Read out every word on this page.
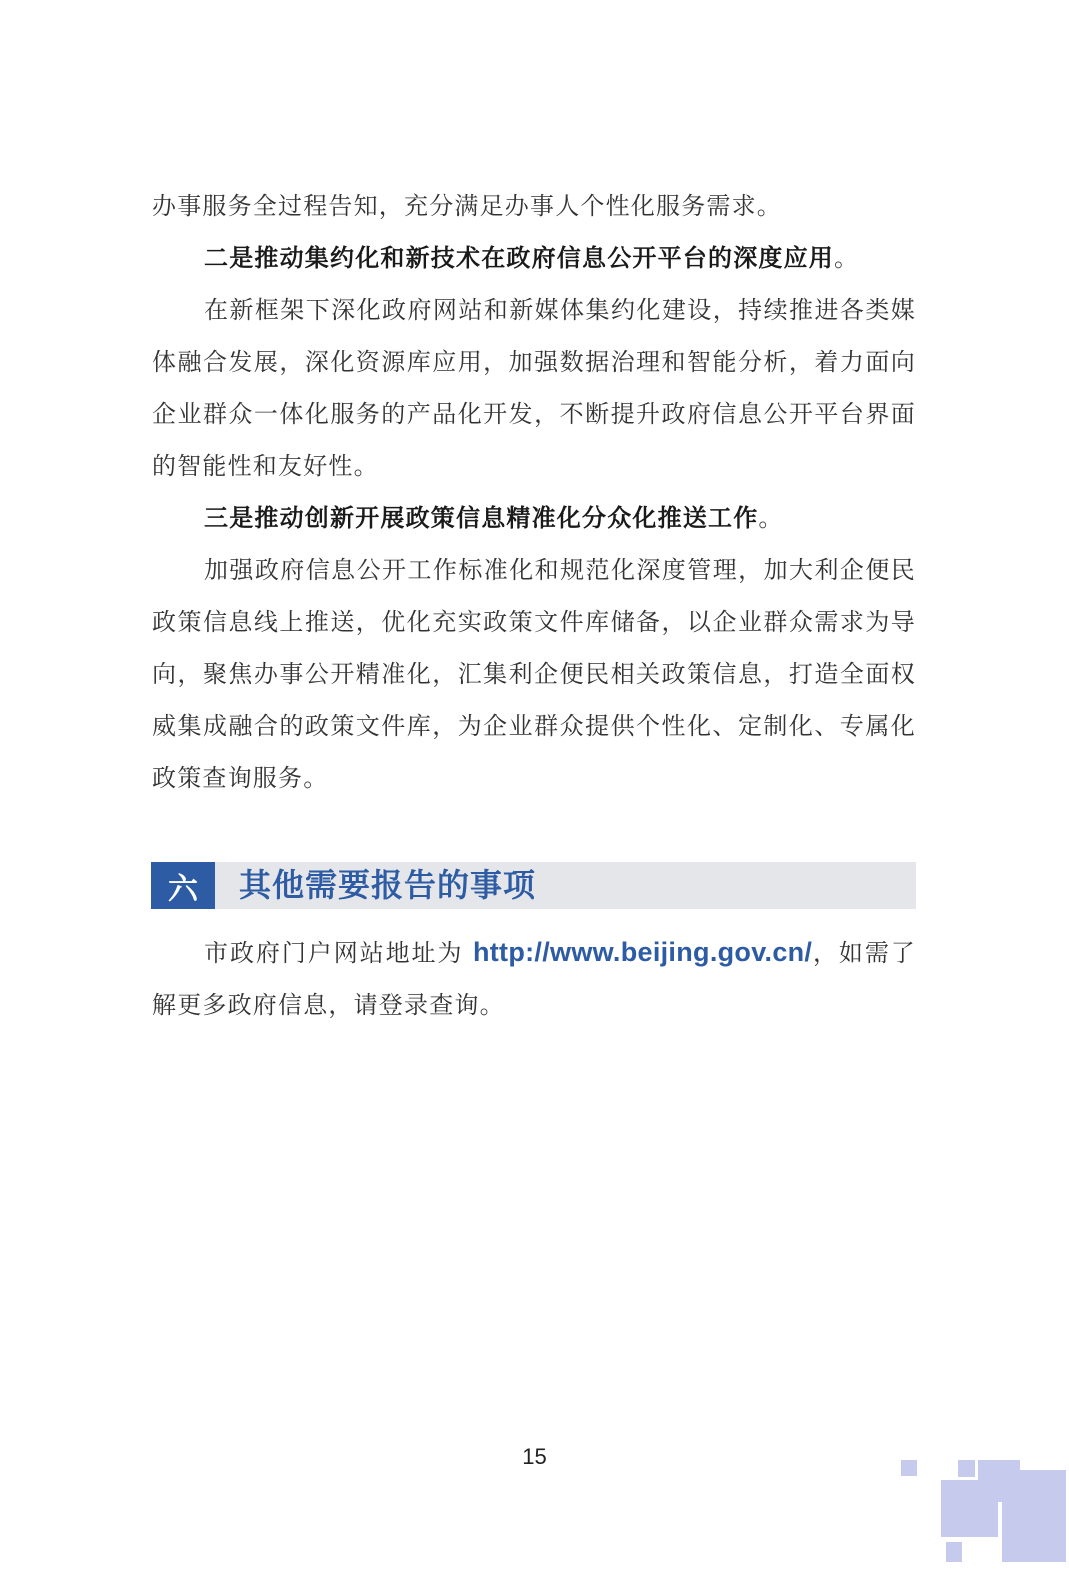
办事服务全过程告知，充分满足办事人个性化服务需求。

二是推动集约化和新技术在政府信息公开平台的深度应用。

在新框架下深化政府网站和新媒体集约化建设，持续推进各类媒体融合发展，深化资源库应用，加强数据治理和智能分析，着力面向企业群众一体化服务的产品化开发，不断提升政府信息公开平台界面的智能性和友好性。

三是推动创新开展政策信息精准化分众化推送工作。

加强政府信息公开工作标准化和规范化深度管理，加大利企便民政策信息线上推送，优化充实政策文件库储备，以企业群众需求为导向，聚焦办事公开精准化，汇集利企便民相关政策信息，打造全面权威集成融合的政策文件库，为企业群众提供个性化、定制化、专属化政策查询服务。

六	其他需要报告的事项

市政府门户网站地址为 http://www.beijing.gov.cn/，如需了解更多政府信息，请登录查询。

15
